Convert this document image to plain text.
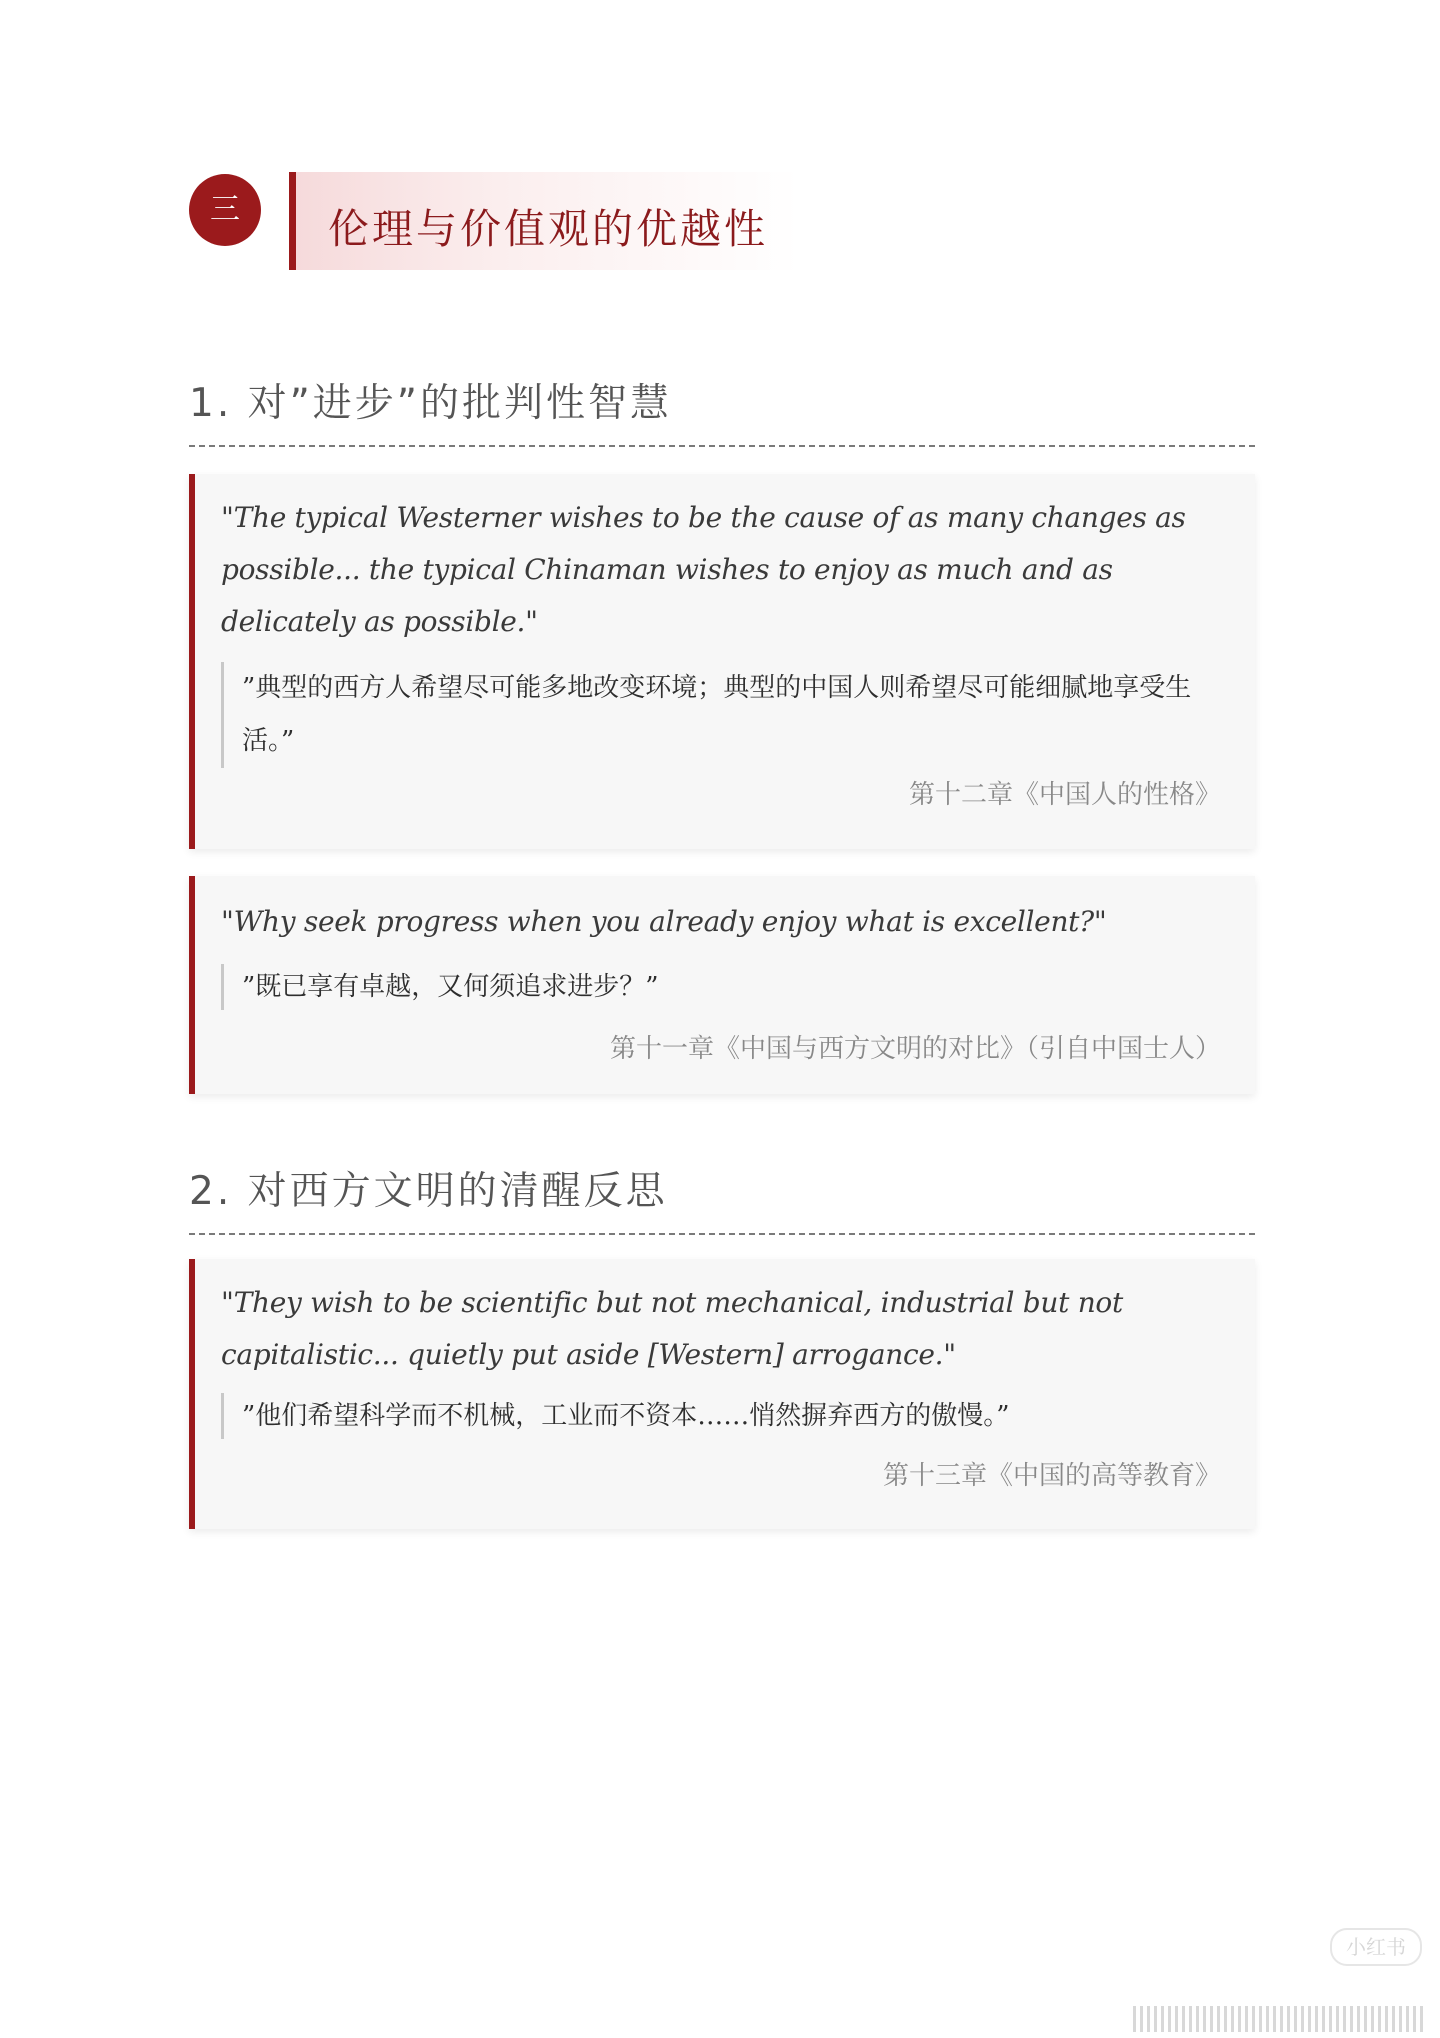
三	伦理与价值观的优越性
1. 对”进步”的批判性智慧
"The typical Westerner wishes to be the cause of as many changes as possible... the typical Chinaman wishes to enjoy as much and as delicately as possible."
”典型的西方人希望尽可能多地改变环境；典型的中国人则希望尽可能细腻地享受生活。”
第十二章《中国人的性格》
"Why seek progress when you already enjoy what is excellent?"
”既已享有卓越，又何须追求进步？”
第十一章《中国与西方文明的对比》（引自中国士人）
2. 对西方文明的清醒反思
"They wish to be scientific but not mechanical, industrial but not capitalistic... quietly put aside [Western] arrogance."
”他们希望科学而不机械，工业而不资本……悄然摒弃西方的傲慢。”
第十三章《中国的高等教育》
小红书
